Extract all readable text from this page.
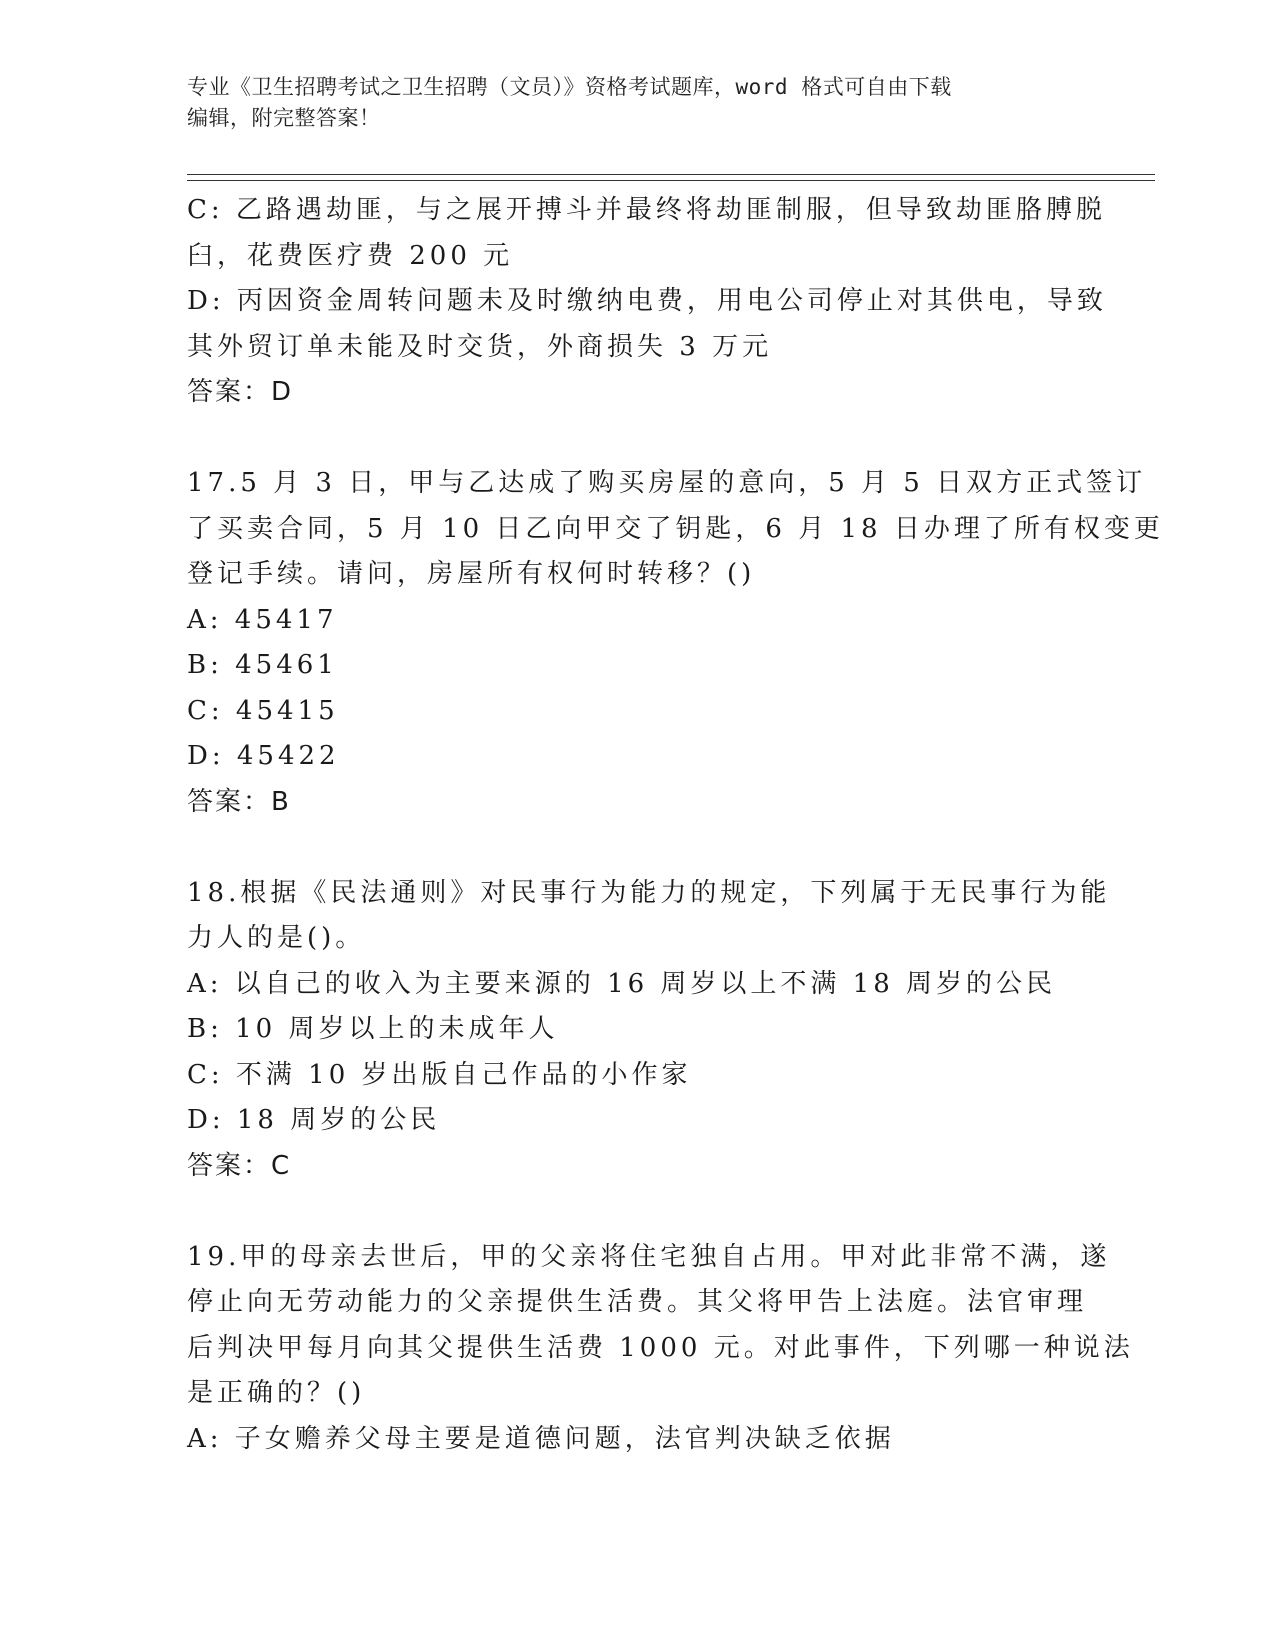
专业《卫生招聘考试之卫生招聘（文员）》资格考试题库，word 格式可自由下载
编辑，附完整答案！

C: 乙路遇劫匪，与之展开搏斗并最终将劫匪制服，但导致劫匪胳膊脱

臼，花费医疗费 200 元

D: 丙因资金周转问题未及时缴纳电费，用电公司停止对其供电，导致

其外贸订单未能及时交货，外商损失 3 万元

答案：D

17.5 月 3 日，甲与乙达成了购买房屋的意向，5 月 5 日双方正式签订

了买卖合同，5 月 10 日乙向甲交了钥匙，6 月 18 日办理了所有权变更

登记手续。请问，房屋所有权何时转移？()

A: 45417

B: 45461

C: 45415

D: 45422

答案：B

18.根据《民法通则》对民事行为能力的规定，下列属于无民事行为能

力人的是()。

A: 以自己的收入为主要来源的 16 周岁以上不满 18 周岁的公民

B: 10 周岁以上的未成年人

C: 不满 10 岁出版自己作品的小作家

D: 18 周岁的公民

答案：C

19.甲的母亲去世后，甲的父亲将住宅独自占用。甲对此非常不满，遂

停止向无劳动能力的父亲提供生活费。其父将甲告上法庭。法官审理

后判决甲每月向其父提供生活费 1000 元。对此事件，下列哪一种说法

是正确的？()

A: 子女赡养父母主要是道德问题，法官判决缺乏依据
